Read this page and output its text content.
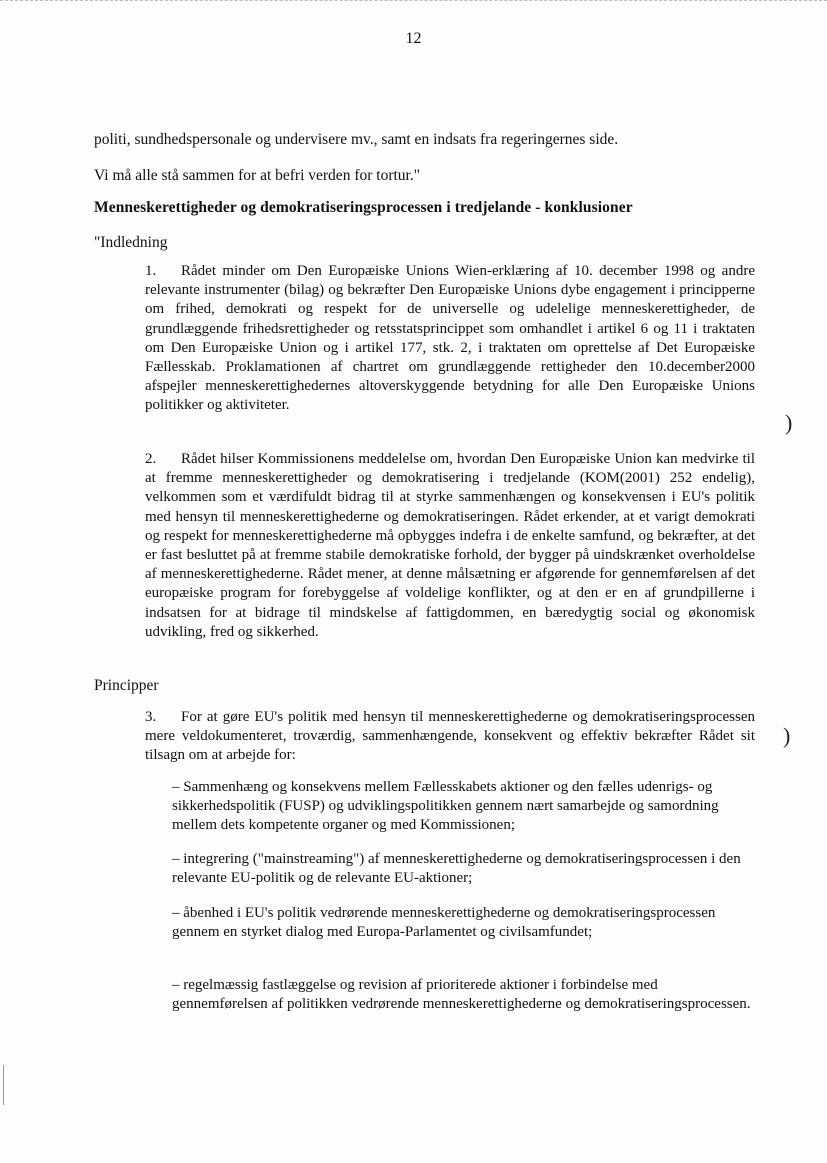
12

politi, sundhedspersonale og undervisere mv., samt en indsats fra regeringernes side.

Vi må alle stå sammen for at befri verden for tortur."

Menneskerettigheder og demokratiseringsprocessen i tredjelande - konklusioner

"Indledning

1. Rådet minder om Den Europæiske Unions Wien-erklæring af 10. december 1998 og andre relevante instrumenter (bilag) og bekræfter Den Europæiske Unions dybe engagement i principperne om frihed, demokrati og respekt for de universelle og udelelige menneskerettigheder, de grundlæggende frihedsrettigheder og retsstatsprincippet som omhandlet i artikel 6 og 11 i traktaten om Den Europæiske Union og i artikel 177, stk. 2, i traktaten om oprettelse af Det Europæiske Fællesskab. Proklamationen af chartret om grundlæggende rettigheder den 10.december2000 afspejler menneskerettighedernes altoverskyggende betydning for alle Den Europæiske Unions politikker og aktiviteter.
2. Rådet hilser Kommissionens meddelelse om, hvordan Den Europæiske Union kan medvirke til at fremme menneskerettigheder og demokratisering i tredjelande (KOM(2001) 252 endelig), velkommen som et værdifuldt bidrag til at styrke sammenhængen og konsekvensen i EU's politik med hensyn til menneskerettighederne og demokratiseringen. Rådet erkender, at et varigt demokrati og respekt for menneskerettighederne må opbygges indefra i de enkelte samfund, og bekræfter, at det er fast besluttet på at fremme stabile demokratiske forhold, der bygger på uindskrænket overholdelse af menneskerettighederne. Rådet mener, at denne målsætning er afgørende for gennemførelsen af det europæiske program for forebyggelse af voldelige konflikter, og at den er en af grundpillerne i indsatsen for at bidrage til mindskelse af fattigdommen, en bæredygtig social og økonomisk udvikling, fred og sikkerhed.

Principper

3. For at gøre EU's politik med hensyn til menneskerettighederne og demokratiseringsprocessen mere veldokumenteret, troværdig, sammenhængende, konsekvent og effektiv bekræfter Rådet sit tilsagn om at arbejde for:

– Sammenhæng og konsekvens mellem Fællesskabets aktioner og den fælles udenrigs- og sikkerhedspolitik (FUSP) og udviklingspolitikken gennem nært samarbejde og samordning mellem dets kompetente organer og med Kommissionen;

– integrering ("mainstreaming") af menneskerettighederne og demokratiseringsprocessen i den relevante EU-politik og de relevante EU-aktioner;

– åbenhed i EU's politik vedrørende menneskerettighederne og demokratiseringsprocessen gennem en styrket dialog med Europa-Parlamentet og civilsamfundet;

– regelmæssig fastlæggelse og revision af prioriterede aktioner i forbindelse med gennemførelsen af politikken vedrørende menneskerettighederne og demokratiseringsprocessen.

)
)
